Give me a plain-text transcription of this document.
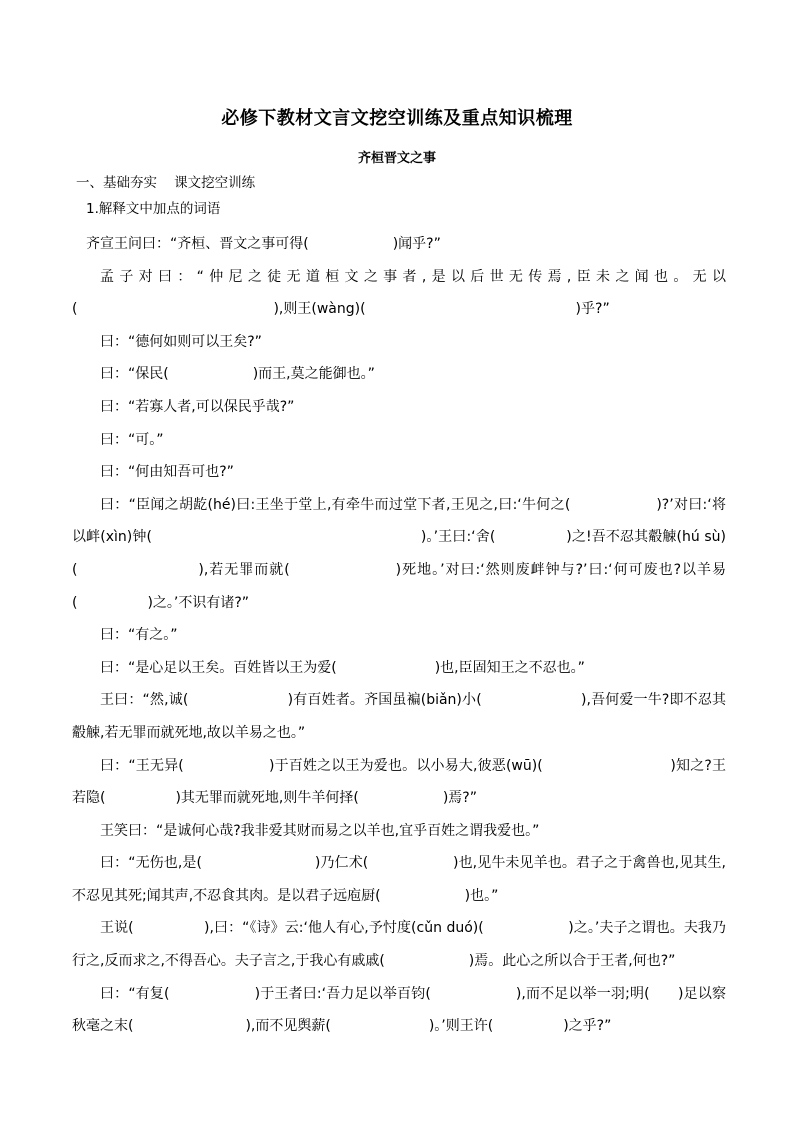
必修下教材文言文挖空训练及重点知识梳理
齐桓晋文之事
一、基础夯实    课文挖空训练
1.解释文中加点的词语

齐宣王问曰：“齐桓、晋文之事可得(　　　　　　)闻乎?”

孟子对曰：“仲尼之徒无道桓文之事者,是以后世无传焉,臣未之闻也。无以(　　　　　　　　　　　　　　),则王(wàng)(　　　　　　　　　　　　　　　)乎?”

曰：“德何如则可以王矣?”

曰：“保民(　　　　　　)而王,莫之能御也。”

曰：“若寡人者,可以保民乎哉?”

曰：“可。”

曰：“何由知吾可也?”

曰：“臣闻之胡龁(hé)曰:王坐于堂上,有牵牛而过堂下者,王见之,曰:‘牛何之(　　　　　　)?’对曰:‘将以衅(xìn)钟(　　　　　　　　　　　　　　　　　　　)。’王曰:‘舍(　　　　　)之!吾不忍其觳觫(hú sù)(　　　　　　　　),若无罪而就(　　　　　　　)死地。’对曰:‘然则废衅钟与?’曰:‘何可废也?以羊易(　　　　　)之。’不识有诸?”

曰：“有之。”

曰：“是心足以王矣。百姓皆以王为爱(　　　　　　　)也,臣固知王之不忍也。”

王曰：“然,诚(　　　　　　　)有百姓者。齐国虽褊(biǎn)小(　　　　　　　),吾何爱一牛?即不忍其觳觫,若无罪而就死地,故以羊易之也。”

曰：“王无异(　　　　　　)于百姓之以王为爱也。以小易大,彼恶(wū)(　　　　　　　　　)知之?王若隐(　　　　　)其无罪而就死地,则牛羊何择(　　　　　　)焉?”

王笑曰：“是诚何心哉?我非爱其财而易之以羊也,宜乎百姓之谓我爱也。”

曰：“无伤也,是(　　　　　　　　)乃仁术(　　　　　　)也,见牛未见羊也。君子之于禽兽也,见其生,不忍见其死;闻其声,不忍食其肉。是以君子远庖厨(　　　　　　)也。”

王说(　　　　　),曰：“《诗》云:‘他人有心,予忖度(cǔn duó)(　　　　　　)之。’夫子之谓也。夫我乃行之,反而求之,不得吾心。夫子言之,于我心有戚戚(　　　　　　)焉。此心之所以合于王者,何也?”

曰：“有复(　　　　　　)于王者曰:‘吾力足以举百钧(　　　　　　),而不足以举一羽;明(　　)足以察秋毫之末(　　　　　　　　),而不见舆薪(　　　　　　　)。’则王许(　　　　　)之乎?”
